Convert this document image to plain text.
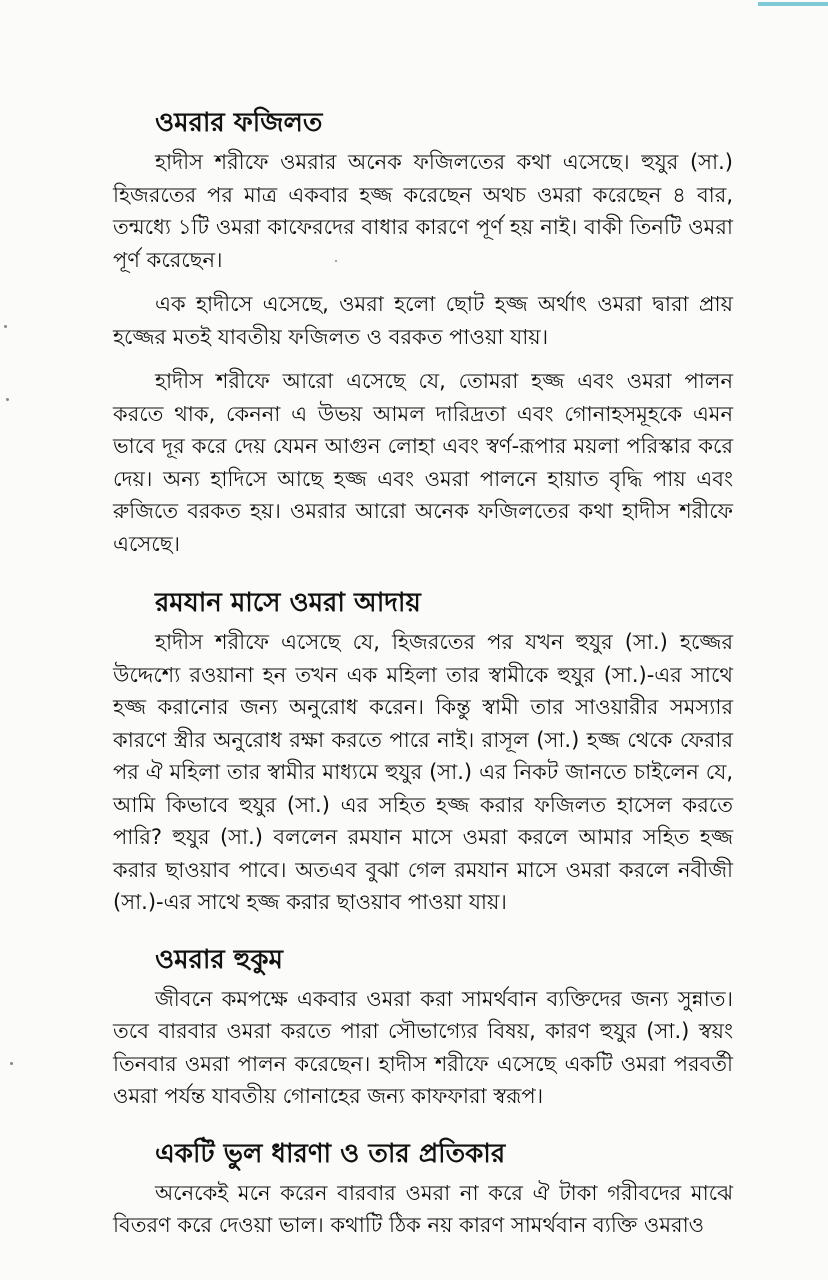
ওমরার ফজিলত

হাদীস শরীফে ওমরার অনেক ফজিলতের কথা এসেছে। হুযুর (সা.) হিজরতের পর মাত্র একবার হজ্জ করেছেন অথচ ওমরা করেছেন ৪ বার, তন্মধ্যে ১টি ওমরা কাফেরদের বাধার কারণে পূর্ণ হয় নাই। বাকী তিনটি ওমরা পূর্ণ করেছেন।

এক হাদীসে এসেছে, ওমরা হলো ছোট হজ্জ অর্থাৎ ওমরা দ্বারা প্রায় হজ্জের মতই যাবতীয় ফজিলত ও বরকত পাওয়া যায়।

হাদীস শরীফে আরো এসেছে যে, তোমরা হজ্জ এবং ওমরা পালন করতে থাক, কেননা এ উভয় আমল দারিদ্রতা এবং গোনাহসমূহকে এমন ভাবে দূর করে দেয় যেমন আগুন লোহা এবং স্বর্ণ-রূপার ময়লা পরিস্কার করে দেয়। অন্য হাদিসে আছে হজ্জ এবং ওমরা পালনে হায়াত বৃদ্ধি পায় এবং রুজিতে বরকত হয়। ওমরার আরো অনেক ফজিলতের কথা হাদীস শরীফে এসেছে।

রমযান মাসে ওমরা আদায়

হাদীস শরীফে এসেছে যে, হিজরতের পর যখন হুযুর (সা.) হজ্জের উদ্দেশ্যে রওয়ানা হন তখন এক মহিলা তার স্বামীকে হুযুর (সা.)-এর সাথে হজ্জ করানোর জন্য অনুরোধ করেন। কিন্তু স্বামী তার সাওয়ারীর সমস্যার কারণে স্ত্রীর অনুরোধ রক্ষা করতে পারে নাই। রাসূল (সা.) হজ্জ থেকে ফেরার পর ঐ মহিলা তার স্বামীর মাধ্যমে হুযুর (সা.) এর নিকট জানতে চাইলেন যে, আমি কিভাবে হুযুর (সা.) এর সহিত হজ্জ করার ফজিলত হাসেল করতে পারি? হুযুর (সা.) বললেন রমযান মাসে ওমরা করলে আমার সহিত হজ্জ করার ছাওয়াব পাবে। অতএব বুঝা গেল রমযান মাসে ওমরা করলে নবীজী (সা.)-এর সাথে হজ্জ করার ছাওয়াব পাওয়া যায়।

ওমরার হুকুম

জীবনে কমপক্ষে একবার ওমরা করা সামর্থবান ব্যক্তিদের জন্য সুন্নাত। তবে বারবার ওমরা করতে পারা সৌভাগ্যের বিষয়, কারণ হুযুর (সা.) স্বয়ং তিনবার ওমরা পালন করেছেন। হাদীস শরীফে এসেছে একটি ওমরা পরবর্তী ওমরা পর্যন্ত যাবতীয় গোনাহের জন্য কাফফারা স্বরূপ।

একটি ভুল ধারণা ও তার প্রতিকার

অনেকেই মনে করেন বারবার ওমরা না করে ঐ টাকা গরীবদের মাঝে বিতরণ করে দেওয়া ভাল। কথাটি ঠিক নয় কারণ সামর্থবান ব্যক্তি ওমরাও
